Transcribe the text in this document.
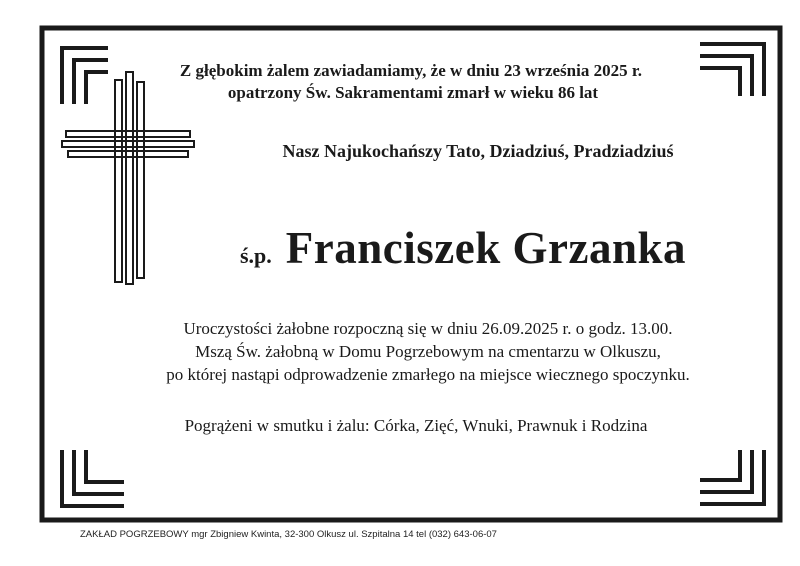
Z głębokim żalem zawiadamiamy, że w dniu 23 września 2025 r.
opatrzony Św. Sakramentami zmarł w wieku 86 lat
Nasz Najukochańszy Tato, Dziadziuś, Pradziadziuś
ś.p. Franciszek Grzanka
Uroczystości żałobne rozpoczną się w dniu 26.09.2025 r. o godz. 13.00.
Mszą Św. żałobną w Domu Pogrzebowym na cmentarzu w Olkuszu,
po której nastąpi odprowadzenie zmarłego na miejsce wiecznego spoczynku.
Pogrążeni w smutku i żalu: Córka, Zięć, Wnuki, Prawnuk i Rodzina
ZAKŁAD POGRZEBOWY mgr Zbigniew Kwinta, 32-300 Olkusz ul. Szpitalna 14 tel (032) 643-06-07
